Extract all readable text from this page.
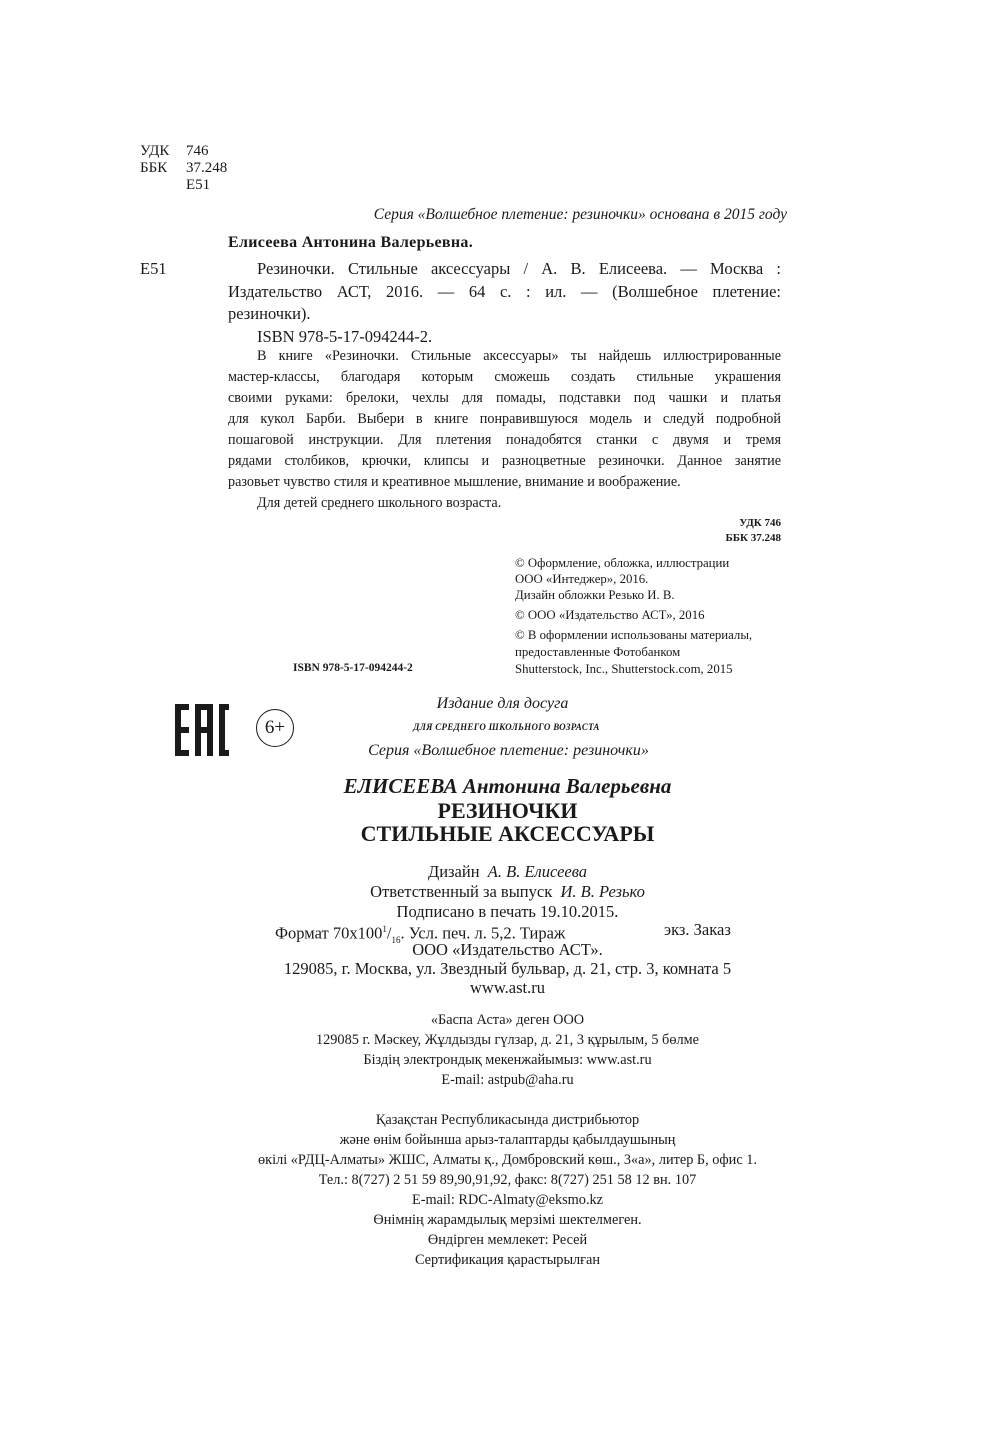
УДК 746
ББК 37.248
Е51
Серия «Волшебное плетение: резиночки» основана в 2015 году
Елисеева Антонина Валерьевна.
Е51	Резиночки. Стильные аксессуары / А. В. Елисеева. — Москва :
Издательство АСТ, 2016. — 64 с. : ил. — (Волшебное плетение:
резиночки).
ISBN 978-5-17-094244-2.
В книге «Резиночки. Стильные аксессуары» ты найдешь иллюстрированные
мастер-классы, благодаря которым сможешь создать стильные украшения
своими руками: брелоки, чехлы для помады, подставки под чашки и платья
для кукол Барби. Выбери в книге понравившуюся модель и следуй подробной
пошаговой инструкции. Для плетения понадобятся станки с двумя и тремя
рядами столбиков, крючки, клипсы и разноцветные резиночки. Данное занятие
разовьет чувство стиля и креативное мышление, внимание и воображение.
Для детей среднего школьного возраста.
УДК 746
ББК 37.248
© Оформление, обложка, иллюстрации
ООО «Интеджер», 2016.
Дизайн обложки Резько И. В.
© ООО «Издательство АСТ», 2016
© В оформлении использованы материалы,
предоставленные Фотобанком
Shutterstock, Inc., Shutterstock.com, 2015
ISBN 978-5-17-094244-2
6+
Издание для досуга
ДЛЯ СРЕДНЕГО ШКОЛЬНОГО ВОЗРАСТА
Серия «Волшебное плетение: резиночки»
ЕЛИСЕЕВА Антонина Валерьевна
РЕЗИНОЧКИ
СТИЛЬНЫЕ АКСЕССУАРЫ
Дизайн А. В. Елисеева
Ответственный за выпуск И. В. Резько
Подписано в печать 19.10.2015.
Формат $70x100^1/_{16}$. Усл. печ. л. 5,2. Тираж	экз. Заказ
ООО «Издательство АСТ».
129085, г. Москва, ул. Звездный бульвар, д. 21, стр. 3, комната 5
www.ast.ru
«Баспа Аста» деген ООО
129085 г. Мәскеу, Жұлдызды гүлзар, д. 21, 3 құрылым, 5 бөлме
Біздің электрондық мекенжайымыз: www.ast.ru
E-mail: astpub@aha.ru
Қазақстан Республикасында дистрибьютор
және өнім бойынша арыз-талаптарды қабылдаушының
өкілі «РДЦ-Алматы» ЖШС, Алматы қ., Домбровский көш., 3«а», литер Б, офис 1.
Тел.: 8(727) 2 51 59 89,90,91,92, факс: 8(727) 251 58 12 вн. 107
E-mail: RDC-Almaty@eksmo.kz
Өнімнің жарамдылық мерзімі шектелмеген.
Өндірген мемлекет: Ресей
Сертификация қарастырылған
